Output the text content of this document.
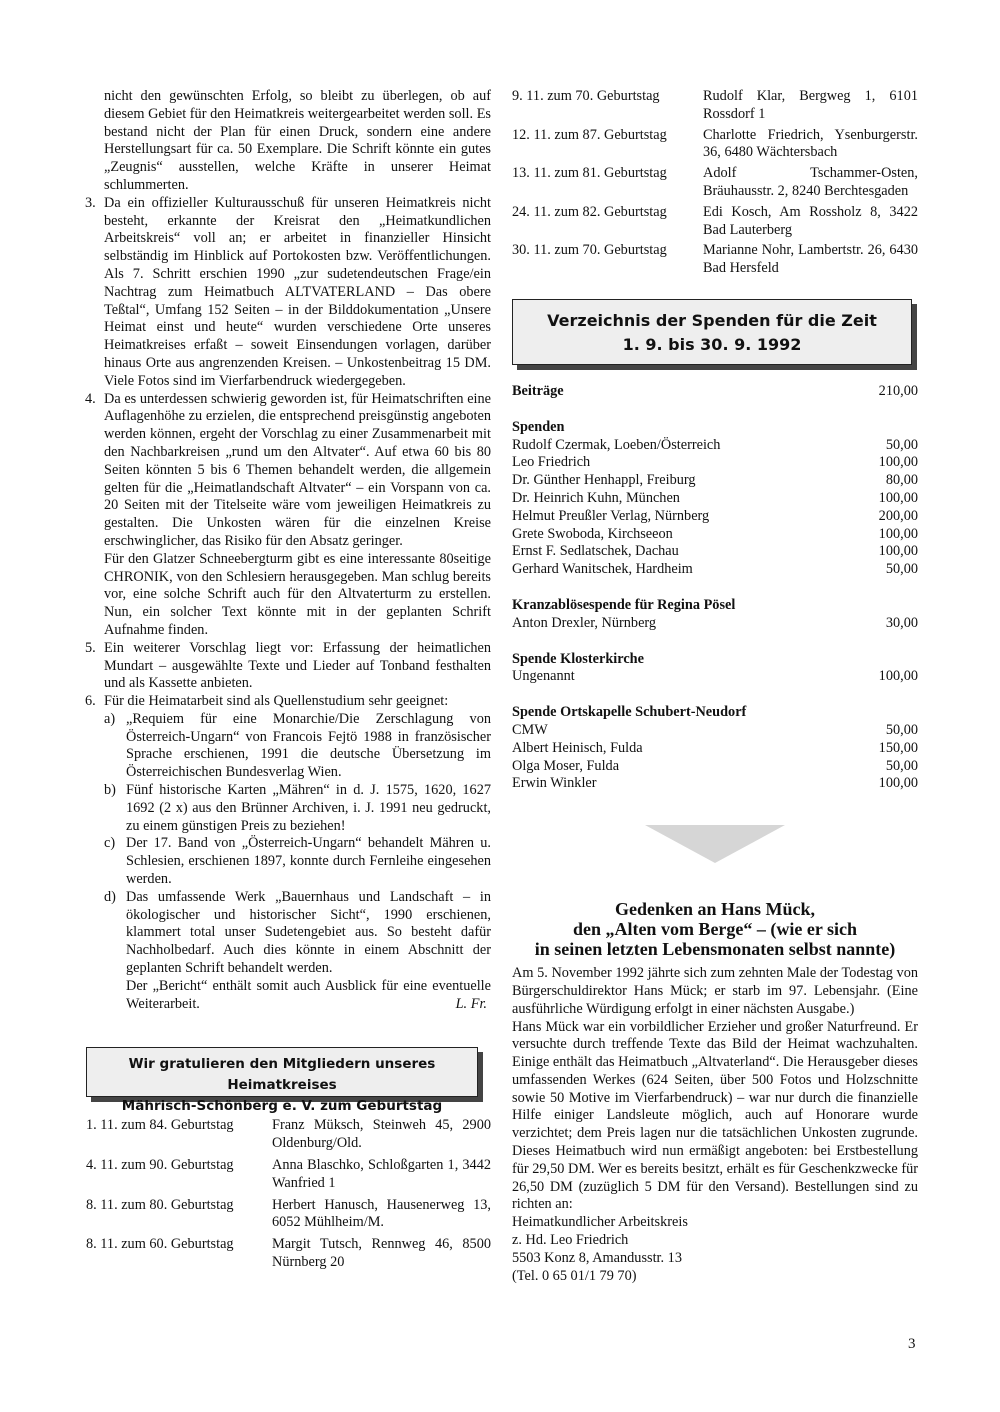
nicht den gewünschten Erfolg, so bleibt zu überlegen, ob auf diesem Gebiet für den Heimatkreis weitergearbeitet werden soll. Es bestand nicht der Plan für einen Druck, sondern eine andere Herstellungsart für ca. 50 Exemplare. Die Schrift könnte ein gutes „Zeugnis“ ausstellen, welche Kräfte in unserer Heimat schlummerten.

3. Da ein offizieller Kulturausschuß für unseren Heimatkreis nicht besteht, erkannte der Kreisrat den „Heimatkundlichen Arbeitskreis“ voll an; er arbeitet in finanzieller Hinsicht selbständig im Hinblick auf Portokosten bzw. Veröffentlichungen. Als 7. Schritt erschien 1990 „zur sudetendeutschen Frage/ein Nachtrag zum Heimatbuch ALTVATERLAND – Das obere Teßtal“, Umfang 152 Seiten – in der Bilddokumentation „Unsere Heimat einst und heute“ wurden verschiedene Orte unseres Heimatkreises erfaßt – soweit Einsendungen vorlagen, darüber hinaus Orte aus angrenzenden Kreisen. – Unkostenbeitrag 15 DM. Viele Fotos sind im Vierfarbendruck wiedergegeben.
4. Da es unterdessen schwierig geworden ist, für Heimatschriften eine Auflagenhöhe zu erzielen, die entsprechend preisgünstig angeboten werden können, ergeht der Vorschlag zu einer Zusammenarbeit mit den Nachbarkreisen „rund um den Altvater“. Auf etwa 60 bis 80 Seiten könnten 5 bis 6 Themen behandelt werden, die allgemein gelten für die „Heimatlandschaft Altvater“ – ein Vorspann von ca. 20 Seiten mit der Titelseite wäre vom jeweiligen Heimatkreis zu gestalten. Die Unkosten wären für die einzelnen Kreise erschwinglicher, das Risiko für den Absatz geringer.
Für den Glatzer Schneebergturm gibt es eine interessante 80seitige CHRONIK, von den Schlesiern herausgegeben. Man schlug bereits vor, eine solche Schrift auch für den Altvaterturm zu erstellen. Nun, ein solcher Text könnte mit in der geplanten Schrift Aufnahme finden.
5. Ein weiterer Vorschlag liegt vor: Erfassung der heimatlichen Mundart – ausgewählte Texte und Lieder auf Tonband festhalten und als Kassette anbieten.
6. Für die Heimatarbeit sind als Quellenstudium sehr geeignet:
a) „Requiem für eine Monarchie/Die Zerschlagung von Österreich-Ungarn“ von Francois Fejtö 1988 in französischer Sprache erschienen, 1991 die deutsche Übersetzung im Österreichischen Bundesverlag Wien.
b) Fünf historische Karten „Mähren“ in d. J. 1575, 1620, 1627 1692 (2 x) aus den Brünner Archiven, i. J. 1991 neu gedruckt, zu einem günstigen Preis zu beziehen!
c) Der 17. Band von „Österreich-Ungarn“ behandelt Mähren u. Schlesien, erschienen 1897, konnte durch Fernleihe eingesehen werden.
d) Das umfassende Werk „Bauernhaus und Landschaft – in ökologischer und historischer Sicht“, 1990 erschienen, klammert total unser Sudetengebiet aus. So besteht dafür Nachholbedarf. Auch dies könnte in einem Abschnitt der geplanten Schrift behandelt werden.
Der „Bericht“ enthält somit auch Ausblick für eine eventuelle Weiterarbeit.	L. Fr.
Wir gratulieren den Mitgliedern unseres Heimatkreises
Mährisch-Schönberg e. V. zum Geburtstag
1. 11. zum 84. Geburtstag	Franz Müksch, Steinweh 45, 2900 Oldenburg/Old.
4. 11. zum 90. Geburtstag	Anna Blaschko, Schloßgarten 1, 3442 Wanfried 1
8. 11. zum 80. Geburtstag	Herbert Hanusch, Hausenerweg 13, 6052 Mühlheim/M.
8. 11. zum 60. Geburtstag	Margit Tutsch, Rennweg 46, 8500 Nürnberg 20
9. 11. zum 70. Geburtstag	Rudolf Klar, Bergweg 1, 6101 Rossdorf 1
12. 11. zum 87. Geburtstag	Charlotte Friedrich, Ysenburgerstr. 36, 6480 Wächtersbach
13. 11. zum 81. Geburtstag	Adolf Tschammer-Osten, Bräuhausstr. 2, 8240 Berchtesgaden
24. 11. zum 82. Geburtstag	Edi Kosch, Am Rossholz 8, 3422 Bad Lauterberg
30. 11. zum 70. Geburtstag	Marianne Nohr, Lambertstr. 26, 6430 Bad Hersfeld
Verzeichnis der Spenden für die Zeit
1. 9. bis 30. 9. 1992
Beiträge	210,00
Spenden
Rudolf Czermak, Loeben/Österreich	50,00
Leo Friedrich	100,00
Dr. Günther Henhappl, Freiburg	80,00
Dr. Heinrich Kuhn, München	100,00
Helmut Preußler Verlag, Nürnberg	200,00
Grete Swoboda, Kirchseeon	100,00
Ernst F. Sedlatschek, Dachau	100,00
Gerhard Wanitschek, Hardheim	50,00
Kranzablösespende für Regina Pösel
Anton Drexler, Nürnberg	30,00
Spende Klosterkirche
Ungenannt	100,00
Spende Ortskapelle Schubert-Neudorf
CMW	50,00
Albert Heinisch, Fulda	150,00
Olga Moser, Fulda	50,00
Erwin Winkler	100,00
Gedenken an Hans Mück,
den „Alten vom Berge“ – (wie er sich
in seinen letzten Lebensmonaten selbst nannte)

Am 5. November 1992 jährte sich zum zehnten Male der Todestag von Bürgerschuldirektor Hans Mück; er starb im 97. Lebensjahr. (Eine ausführliche Würdigung erfolgt in einer nächsten Ausgabe.)

Hans Mück war ein vorbildlicher Erzieher und großer Naturfreund. Er versuchte durch treffende Texte das Bild der Heimat wachzuhalten. Einige enthält das Heimatbuch „Altvaterland“. Die Herausgeber dieses umfassenden Werkes (624 Seiten, über 500 Fotos und Holzschnitte sowie 50 Motive im Vierfarbendruck) – war nur durch die finanzielle Hilfe einiger Landsleute möglich, auch auf Honorare wurde verzichtet; dem Preis lagen nur die tatsächlichen Unkosten zugrunde. Dieses Heimatbuch wird nun ermäßigt angeboten: bei Erstbestellung für 29,50 DM. Wer es bereits besitzt, erhält es für Geschenkzwecke für 26,50 DM (zuzüglich 5 DM für den Versand). Bestellungen sind zu richten an:

Heimatkundlicher Arbeitskreis
z. Hd. Leo Friedrich
5503 Konz 8, Amandusstr. 13
(Tel. 0 65 01/1 79 70)
3
